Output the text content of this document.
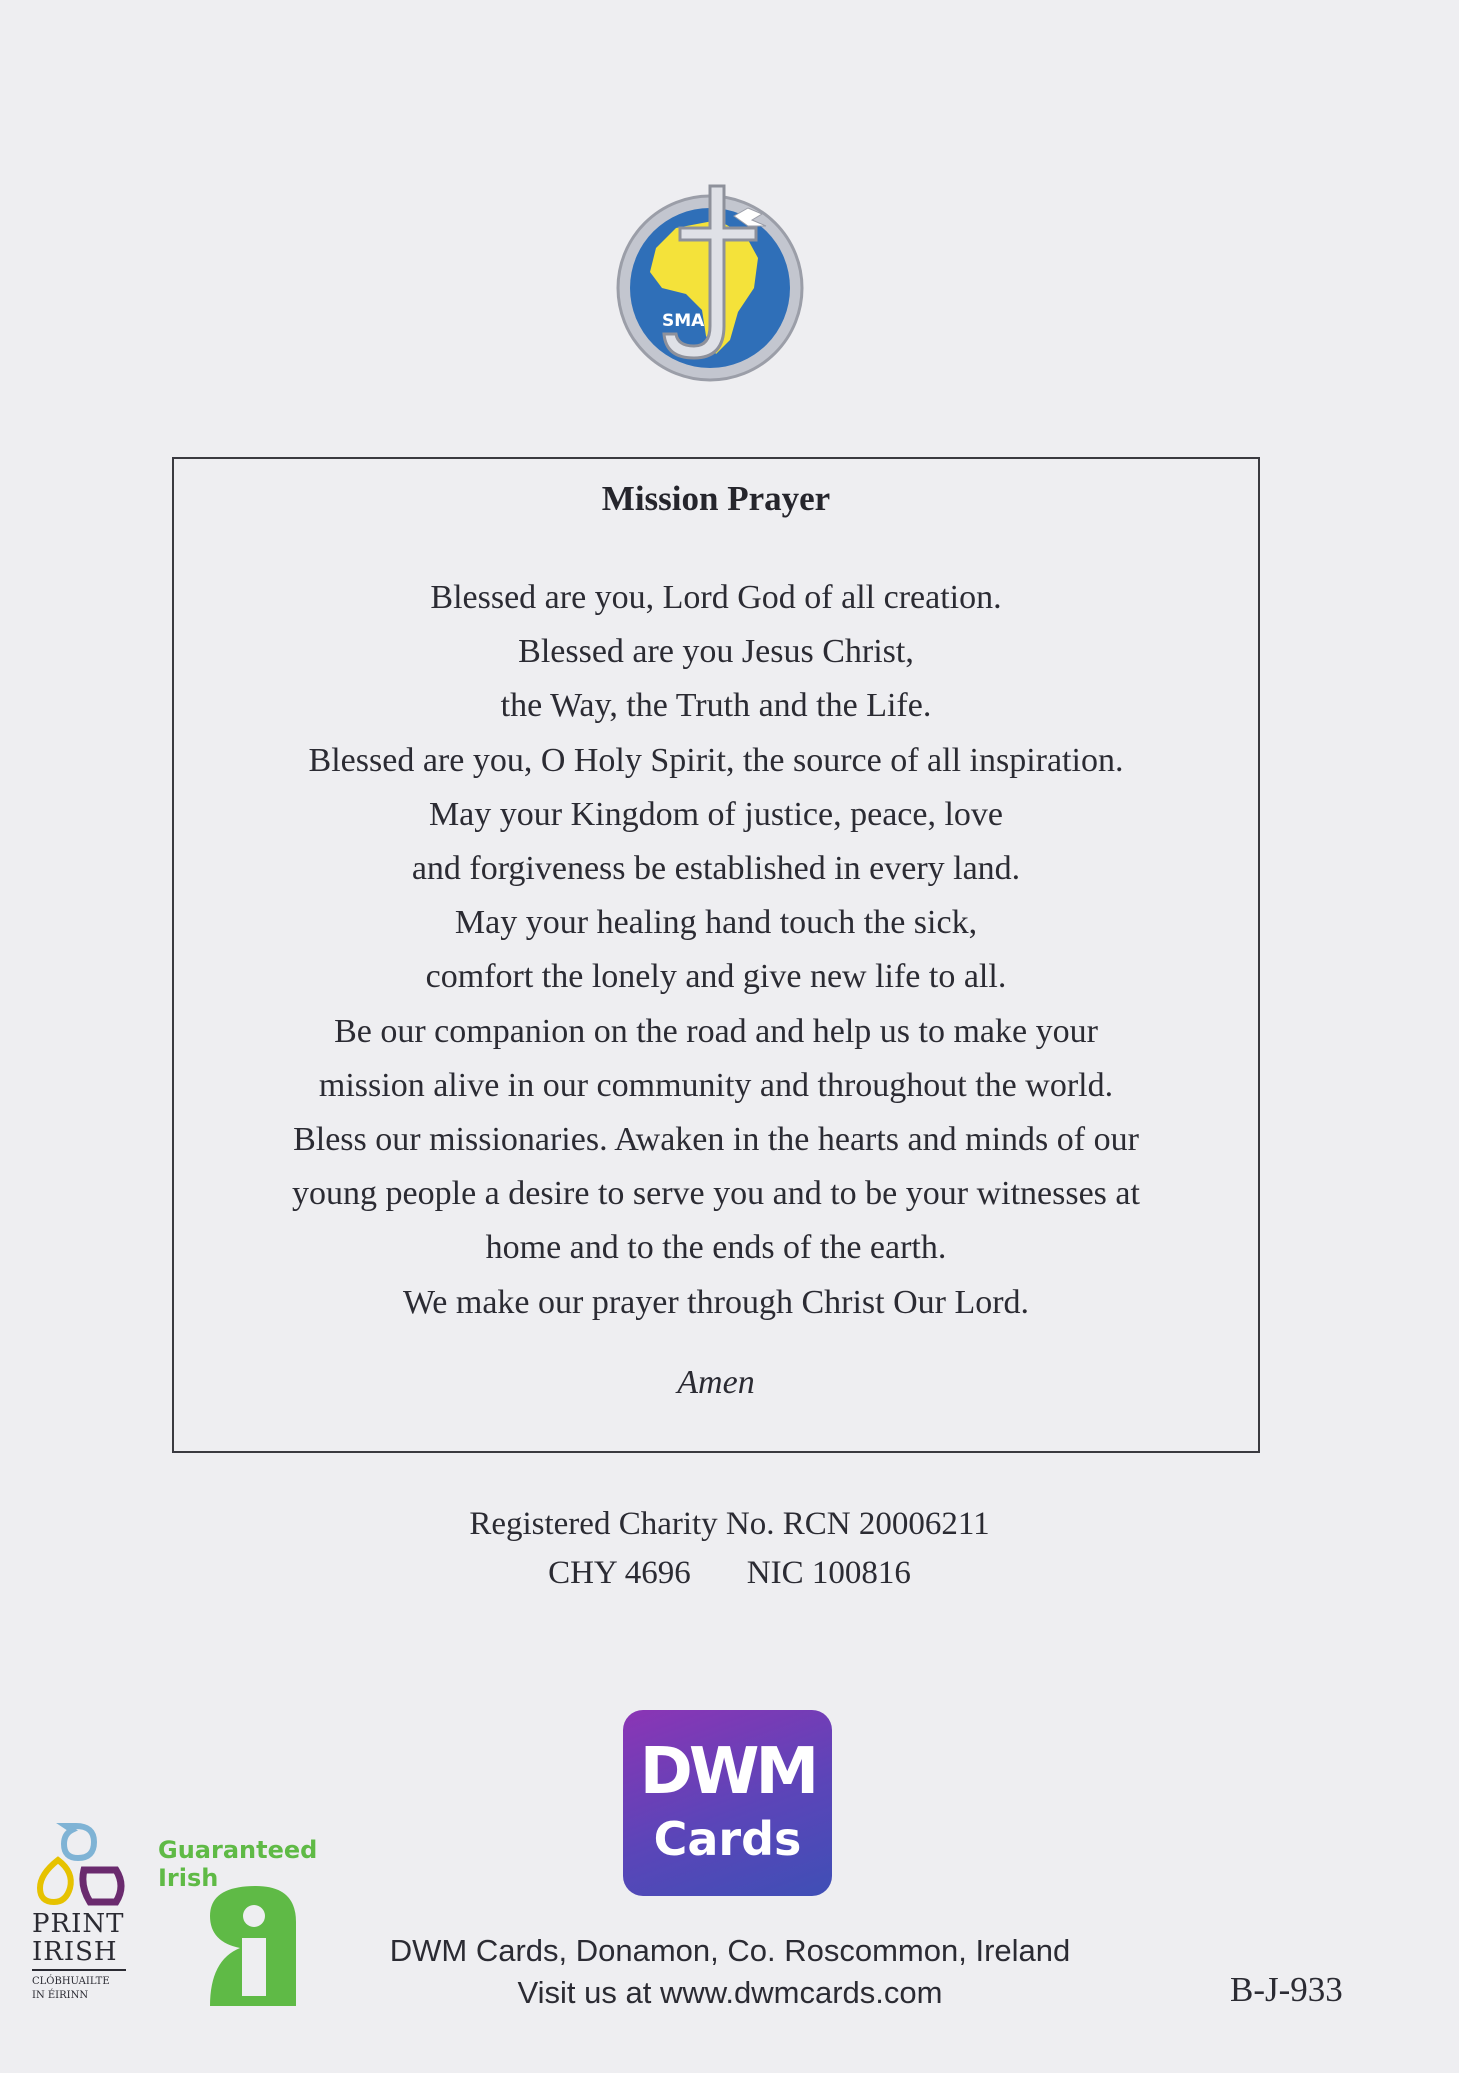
SMA
Mission Prayer
Blessed are you, Lord God of all creation.
Blessed are you Jesus Christ,
the Way, the Truth and the Life.
Blessed are you, O Holy Spirit, the source of all inspiration.
May your Kingdom of justice, peace, love
and forgiveness be established in every land.
May your healing hand touch the sick,
comfort the lonely and give new life to all.
Be our companion on the road and help us to make your
mission alive in our community and throughout the world.
Bless our missionaries. Awaken in the hearts and minds of our
young people a desire to serve you and to be your witnesses at
home and to the ends of the earth.
We make our prayer through Christ Our Lord.
Amen
Registered Charity No. RCN 20006211
CHY 4696 NIC 100816
DWM
Cards
PRINT
IRISH
CLÓBHUAILTE
IN ÉIRINN
Guaranteed
Irish
DWM Cards, Donamon, Co. Roscommon, Ireland
Visit us at www.dwmcards.com	B-J-933
